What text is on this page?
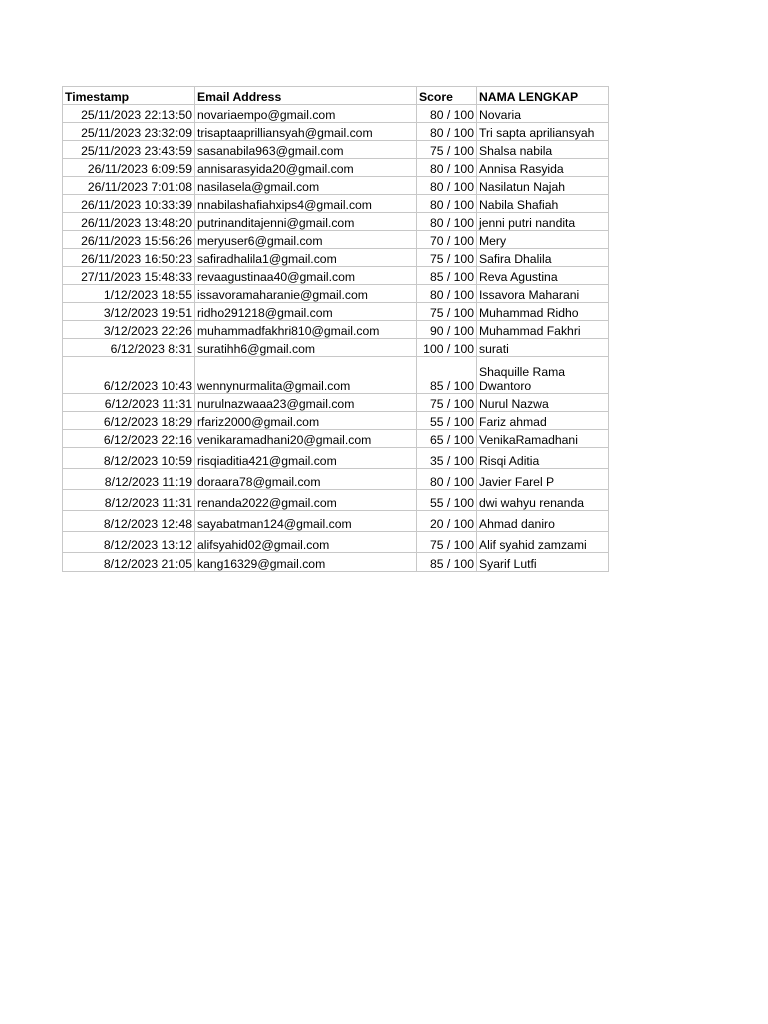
Timestamp	Email Address	Score	NAMA LENGKAP
25/11/2023 22:13:50	novariaempo@gmail.com	80 / 100	Novaria
25/11/2023 23:32:09	trisaptaaprilliansyah@gmail.com	80 / 100	Tri sapta apriliansyah
25/11/2023 23:43:59	sasanabila963@gmail.com	75 / 100	Shalsa nabila
26/11/2023 6:09:59	annisarasyida20@gmail.com	80 / 100	Annisa Rasyida
26/11/2023 7:01:08	nasilasela@gmail.com	80 / 100	Nasilatun Najah
26/11/2023 10:33:39	nnabilashafiahxips4@gmail.com	80 / 100	Nabila Shafiah
26/11/2023 13:48:20	putrinanditajenni@gmail.com	80 / 100	jenni putri nandita
26/11/2023 15:56:26	meryuser6@gmail.com	70 / 100	Mery
26/11/2023 16:50:23	safiradhalila1@gmail.com	75 / 100	Safira Dhalila
27/11/2023 15:48:33	revaagustinaa40@gmail.com	85 / 100	Reva Agustina
1/12/2023 18:55	issavoramaharanie@gmail.com	80 / 100	Issavora Maharani
3/12/2023 19:51	ridho291218@gmail.com	75 / 100	Muhammad Ridho
3/12/2023 22:26	muhammadfakhri810@gmail.com	90 / 100	Muhammad Fakhri
6/12/2023 8:31	suratihh6@gmail.com	100 / 100	surati
6/12/2023 10:43	wennynurmalita@gmail.com	85 / 100	Shaquille Rama Dwantoro
6/12/2023 11:31	nurulnazwaaa23@gmail.com	75 / 100	Nurul Nazwa
6/12/2023 18:29	rfariz2000@gmail.com	55 / 100	Fariz ahmad
6/12/2023 22:16	venikaramadhani20@gmail.com	65 / 100	VenikaRamadhani
8/12/2023 10:59	risqiaditia421@gmail.com	35 / 100	Risqi Aditia
8/12/2023 11:19	doraara78@gmail.com	80 / 100	Javier Farel P
8/12/2023 11:31	renanda2022@gmail.com	55 / 100	dwi wahyu renanda
8/12/2023 12:48	sayabatman124@gmail.com	20 / 100	Ahmad daniro
8/12/2023 13:12	alifsyahid02@gmail.com	75 / 100	Alif syahid zamzami
8/12/2023 21:05	kang16329@gmail.com	85 / 100	Syarif Lutfi
